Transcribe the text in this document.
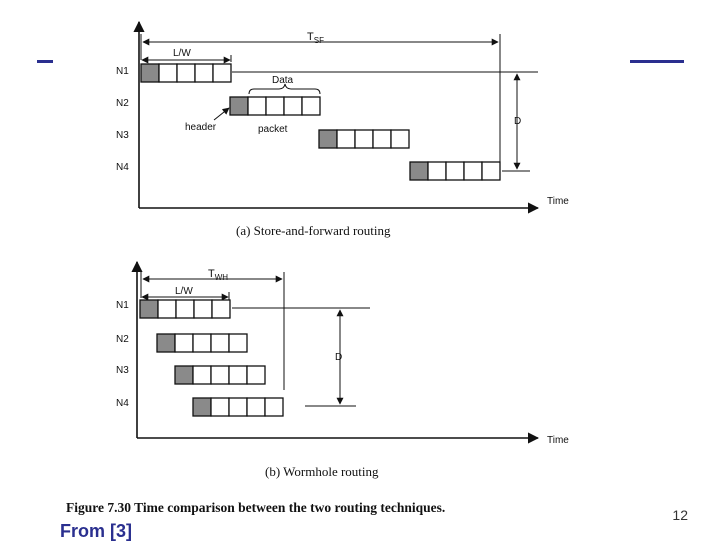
$T_{SF}$
L/W
N1
N2
N3
N4
Data
header	packet
D
Time
(a) Store-and-forward routing
$T_{WH}$
L/W
N1
N2
N3
N4
D
Time
(b) Wormhole routing
Figure 7.30 Time comparison between the two routing techniques.	12
From [3]
